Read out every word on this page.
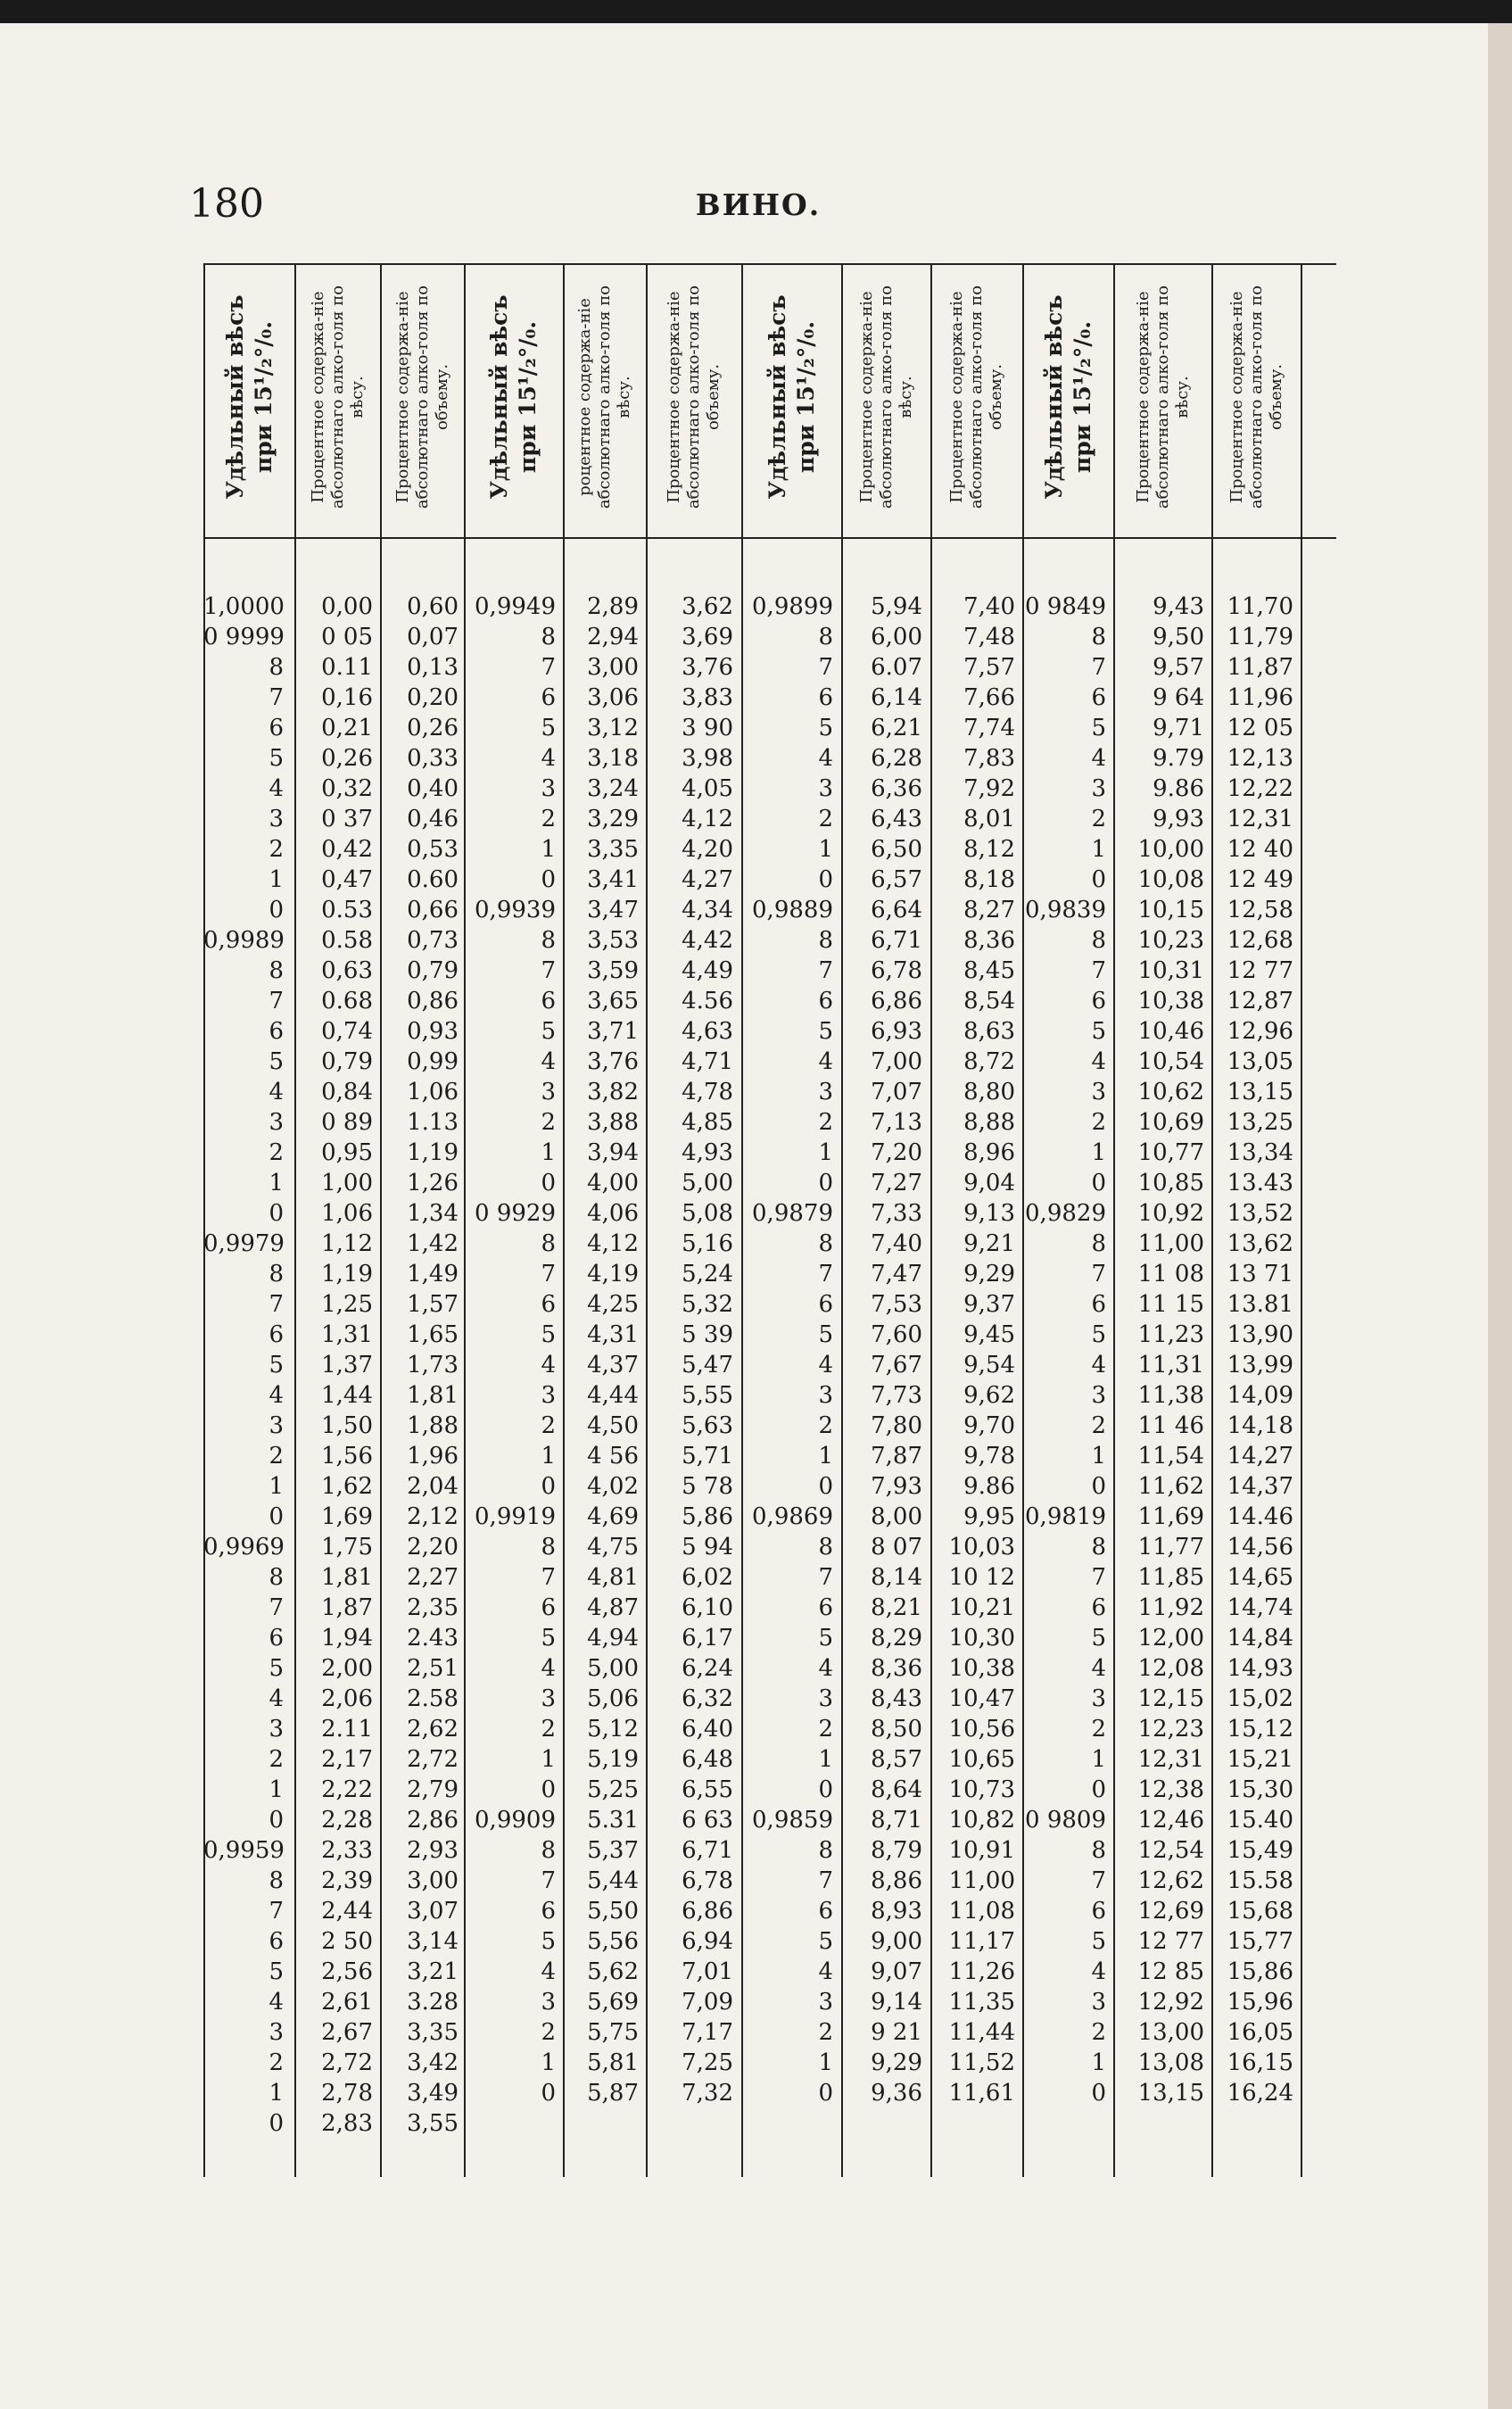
180	ВИНО.
Удѣльный вѣсъ при 15¹/₂°/₀.
1,0000
0 9999
8
7
6
5
4
3
2
1
0
0,9989
8
7
6
5
4
3
2
1
0
0,9979
8
7
6
5
4
3
2
1
0
0,9969
8
7
6
5
4
3
2
1
0
0,9959
8
7
6
5
4
3
2
1
0
Процентное содержа-ніе абсолютнаго алко-голя по вѣсу.
0,00
0 05
0.11
0,16
0,21
0,26
0,32
0 37
0,42
0,47
0.53
0.58
0,63
0.68
0,74
0,79
0,84
0 89
0,95
1,00
1,06
1,12
1,19
1,25
1,31
1,37
1,44
1,50
1,56
1,62
1,69
1,75
1,81
1,87
1,94
2,00
2,06
2.11
2,17
2,22
2,28
2,33
2,39
2,44
2 50
2,56
2,61
2,67
2,72
2,78
2,83
Процентное содержа-ніе абсолютнаго алко-голя по объему.
0,60
0,07
0,13
0,20
0,26
0,33
0,40
0,46
0,53
0.60
0,66
0,73
0,79
0,86
0,93
0,99
1,06
1.13
1,19
1,26
1,34
1,42
1,49
1,57
1,65
1,73
1,81
1,88
1,96
2,04
2,12
2,20
2,27
2,35
2.43
2,51
2.58
2,62
2,72
2,79
2,86
2,93
3,00
3,07
3,14
3,21
3.28
3,35
3,42
3,49
3,55
Удѣльный вѣсъ при 15¹/₂°/₀.
0,9949
8
7
6
5
4
3
2
1
0
0,9939
8
7
6
5
4
3
2
1
0
0 9929
8
7
6
5
4
3
2
1
0
0,9919
8
7
6
5
4
3
2
1
0
0,9909
8
7
6
5
4
3
2
1
0
роцентное содержа-ніе абсолютнаго алко-голя по вѣсу.
2,89
2,94
3,00
3,06
3,12
3,18
3,24
3,29
3,35
3,41
3,47
3,53
3,59
3,65
3,71
3,76
3,82
3,88
3,94
4,00
4,06
4,12
4,19
4,25
4,31
4,37
4,44
4,50
4 56
4,02
4,69
4,75
4,81
4,87
4,94
5,00
5,06
5,12
5,19
5,25
5.31
5,37
5,44
5,50
5,56
5,62
5,69
5,75
5,81
5,87
Процентное содержа-ніе абсолютнаго алко-голя по объему.
3,62
3,69
3,76
3,83
3 90
3,98
4,05
4,12
4,20
4,27
4,34
4,42
4,49
4.56
4,63
4,71
4,78
4,85
4,93
5,00
5,08
5,16
5,24
5,32
5 39
5,47
5,55
5,63
5,71
5 78
5,86
5 94
6,02
6,10
6,17
6,24
6,32
6,40
6,48
6,55
6 63
6,71
6,78
6,86
6,94
7,01
7,09
7,17
7,25
7,32
Удѣльный вѣсъ при 15¹/₂°/₀.
0,9899
8
7
6
5
4
3
2
1
0
0,9889
8
7
6
5
4
3
2
1
0
0,9879
8
7
6
5
4
3
2
1
0
0,9869
8
7
6
5
4
3
2
1
0
0,9859
8
7
6
5
4
3
2
1
0
Процентное содержа-ніе абсолютнаго алко-голя по вѣсу.
5,94
6,00
6.07
6,14
6,21
6,28
6,36
6,43
6,50
6,57
6,64
6,71
6,78
6,86
6,93
7,00
7,07
7,13
7,20
7,27
7,33
7,40
7,47
7,53
7,60
7,67
7,73
7,80
7,87
7,93
8,00
8 07
8,14
8,21
8,29
8,36
8,43
8,50
8,57
8,64
8,71
8,79
8,86
8,93
9,00
9,07
9,14
9 21
9,29
9,36
Процентное содержа-ніе абсолютнаго алко-голя по объему.
7,40
7,48
7,57
7,66
7,74
7,83
7,92
8,01
8,12
8,18
8,27
8,36
8,45
8,54
8,63
8,72
8,80
8,88
8,96
9,04
9,13
9,21
9,29
9,37
9,45
9,54
9,62
9,70
9,78
9.86
9,95
10,03
10 12
10,21
10,30
10,38
10,47
10,56
10,65
10,73
10,82
10,91
11,00
11,08
11,17
11,26
11,35
11,44
11,52
11,61
Удѣльный вѣсъ при 15¹/₂°/₀.
0 9849
8
7
6
5
4
3
2
1
0
0,9839
8
7
6
5
4
3
2
1
0
0,9829
8
7
6
5
4
3
2
1
0
0,9819
8
7
6
5
4
3
2
1
0
0 9809
8
7
6
5
4
3
2
1
0
Процентное содержа-ніе абсолютнаго алко-голя по вѣсу.
9,43
9,50
9,57
9 64
9,71
9.79
9.86
9,93
10,00
10,08
10,15
10,23
10,31
10,38
10,46
10,54
10,62
10,69
10,77
10,85
10,92
11,00
11 08
11 15
11,23
11,31
11,38
11 46
11,54
11,62
11,69
11,77
11,85
11,92
12,00
12,08
12,15
12,23
12,31
12,38
12,46
12,54
12,62
12,69
12 77
12 85
12,92
13,00
13,08
13,15
Процентное содержа-ніе абсолютнаго алко-голя по объему.
11,70
11,79
11,87
11,96
12 05
12,13
12,22
12,31
12 40
12 49
12,58
12,68
12 77
12,87
12,96
13,05
13,15
13,25
13,34
13.43
13,52
13,62
13 71
13.81
13,90
13,99
14,09
14,18
14,27
14,37
14.46
14,56
14,65
14,74
14,84
14,93
15,02
15,12
15,21
15,30
15.40
15,49
15.58
15,68
15,77
15,86
15,96
16,05
16,15
16,24
